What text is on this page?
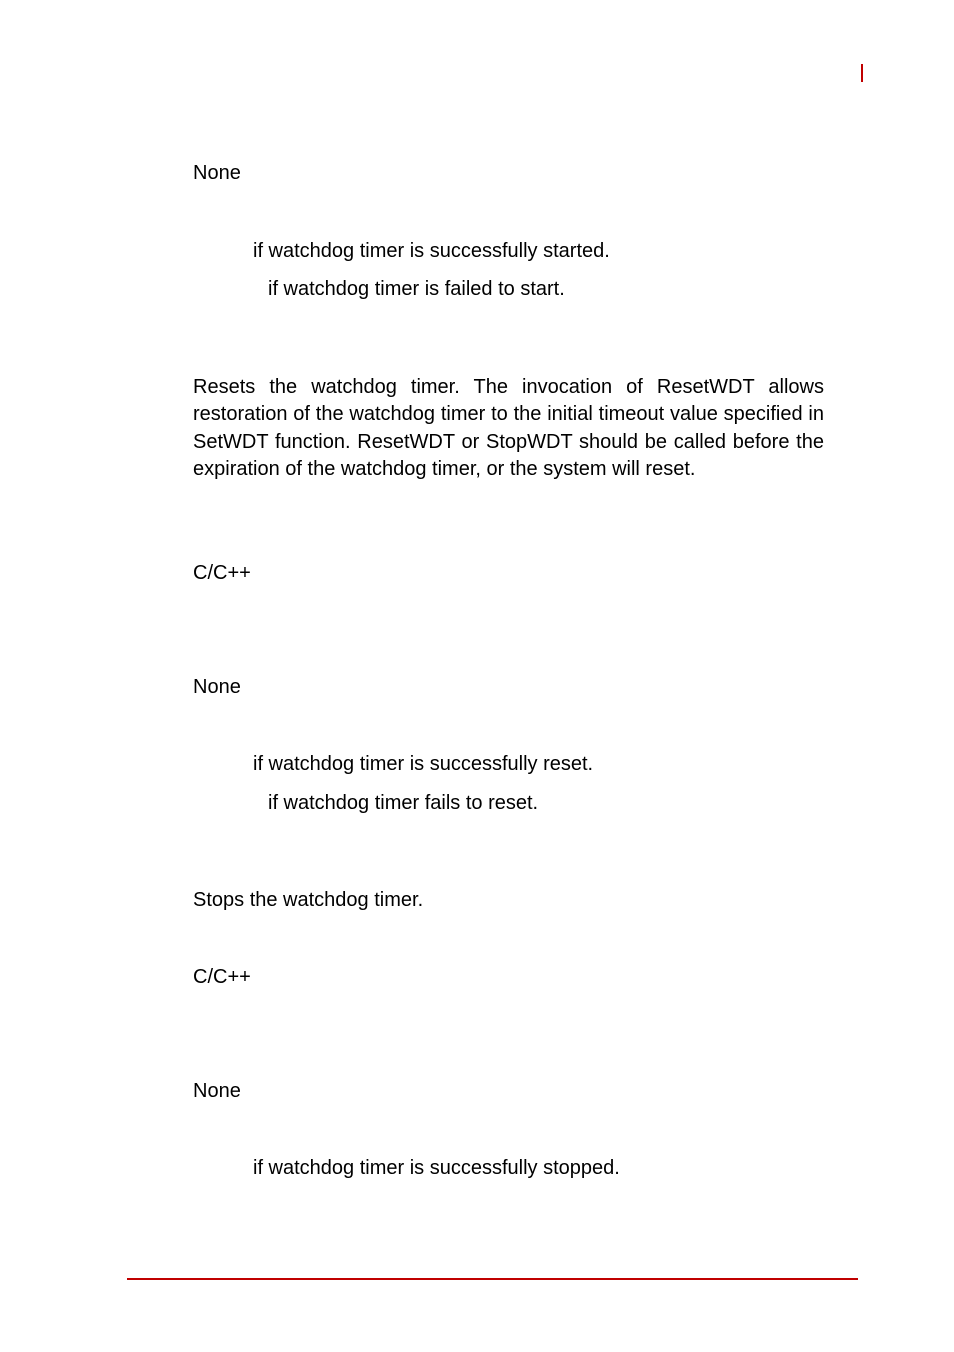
None
if watchdog timer is successfully started.
if watchdog timer is failed to start.
Resets the watchdog timer. The invocation of ResetWDT allows restoration of the watchdog timer to the initial timeout value specified in SetWDT function. ResetWDT or StopWDT should be called before the expiration of the watchdog timer, or the system will reset.
C/C++
None
if watchdog timer is successfully reset.
if watchdog timer fails to reset.
Stops the watchdog timer.
C/C++
None
if watchdog timer is successfully stopped.
